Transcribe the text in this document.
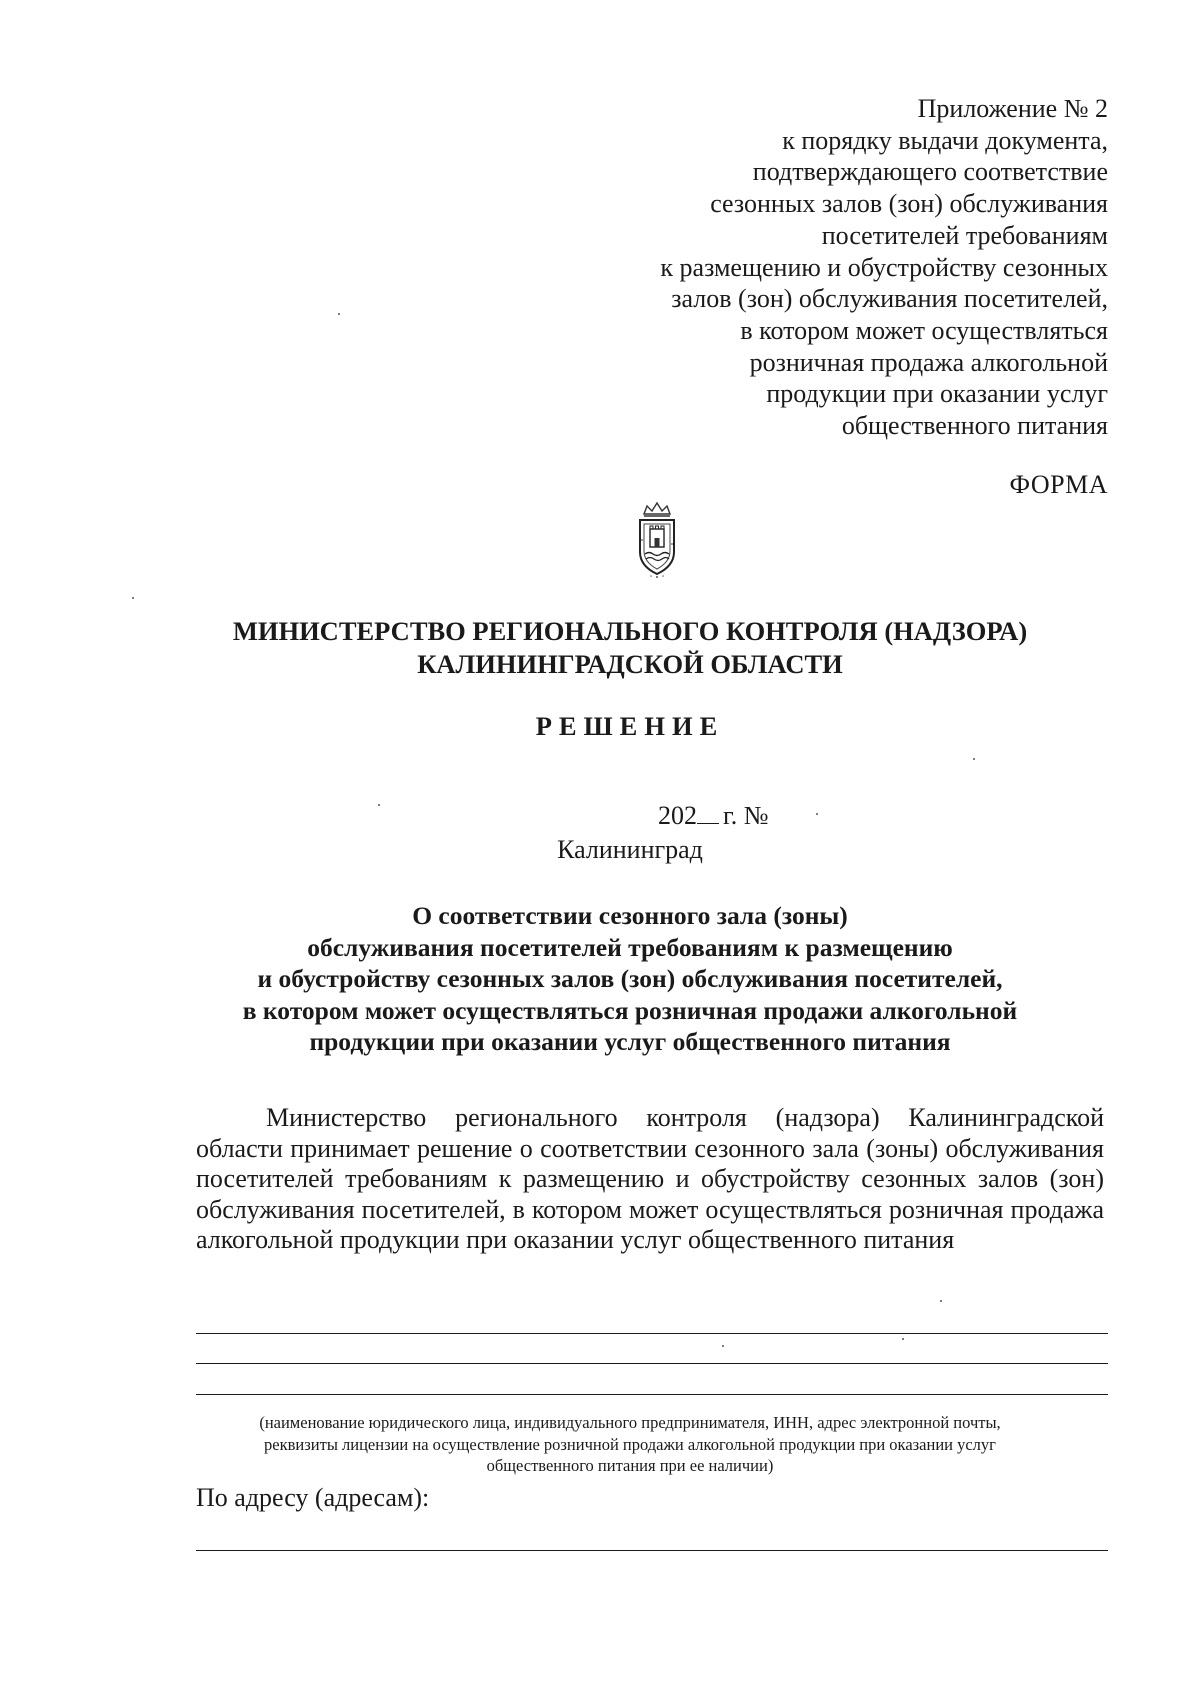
Приложение № 2
к порядку выдачи документа,
подтверждающего соответствие
сезонных залов (зон) обслуживания
посетителей требованиям
к размещению и обустройству сезонных
залов (зон) обслуживания посетителей,
в котором может осуществляться
розничная продажа алкогольной
продукции при оказании услуг
общественного питания
ФОРМА
МИНИСТЕРСТВО РЕГИОНАЛЬНОГО КОНТРОЛЯ (НАДЗОРА)
КАЛИНИНГРАДСКОЙ ОБЛАСТИ
РЕШЕНИЕ
202 г. №
Калининград
О соответствии сезонного зала (зоны)
обслуживания посетителей требованиям к размещению
и обустройству сезонных залов (зон) обслуживания посетителей,
в котором может осуществляться розничная продажи алкогольной
продукции при оказании услуг общественного питания
Министерство регионального контроля (надзора) Калининградской области принимает решение о соответствии сезонного зала (зоны) обслуживания посетителей требованиям к размещению и обустройству сезонных залов (зон) обслуживания посетителей, в котором может осуществляться розничная продажа алкогольной продукции при оказании услуг общественного питания
(наименование юридического лица, индивидуального предпринимателя, ИНН, адрес электронной почты,
реквизиты лицензии на осуществление розничной продажи алкогольной продукции при оказании услуг
общественного питания при ее наличии)
По адресу (адресам):
